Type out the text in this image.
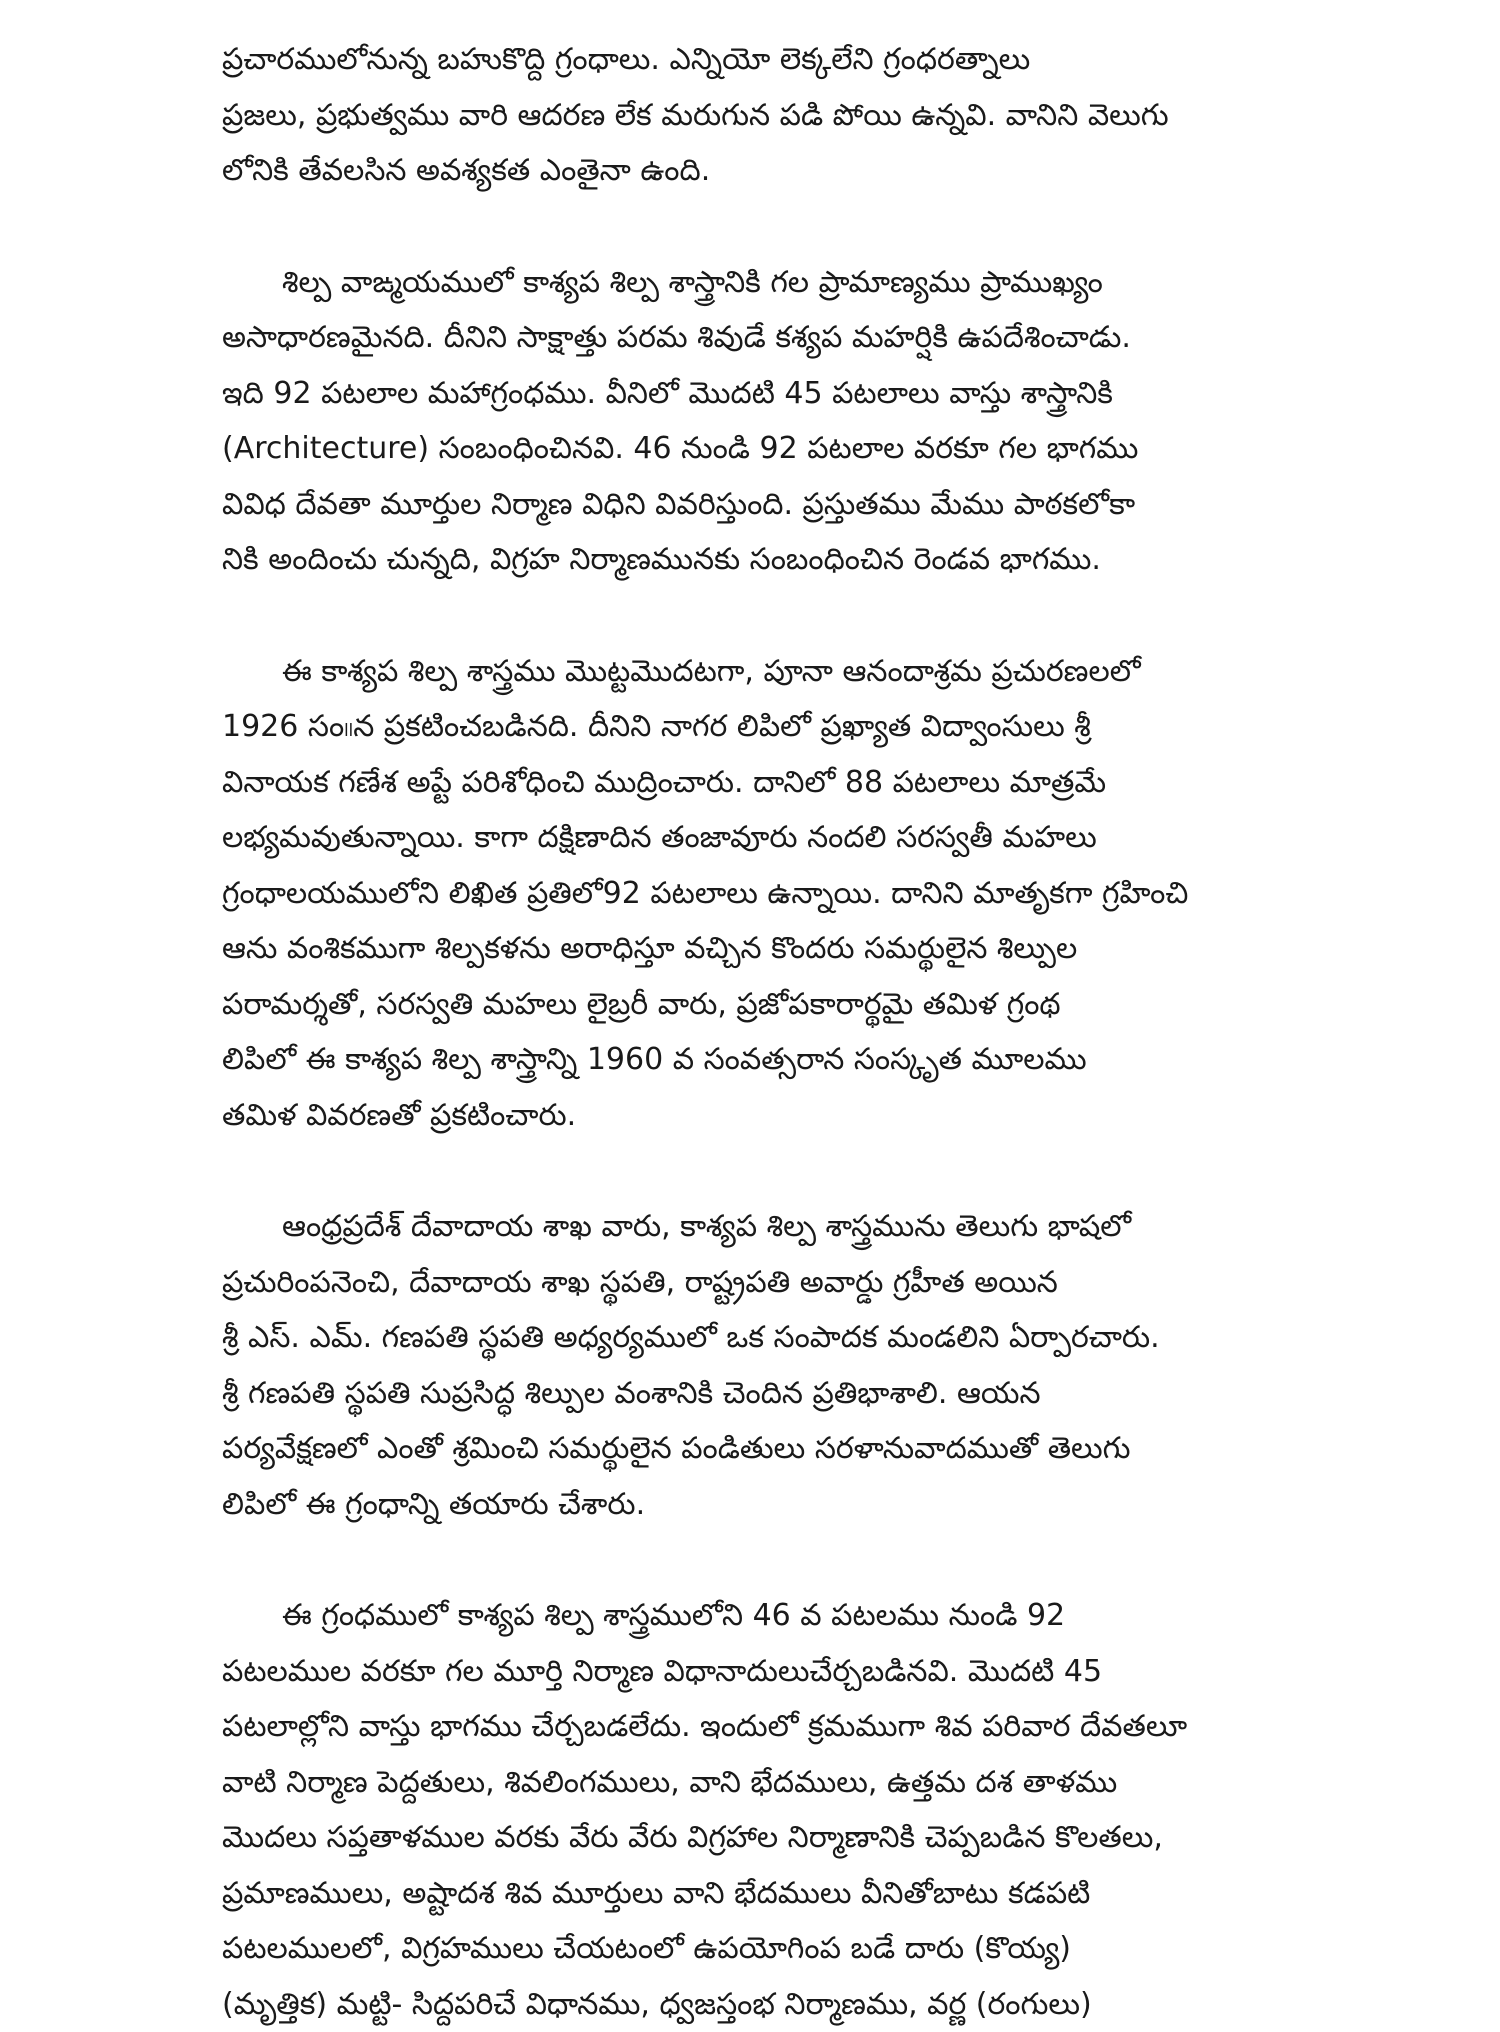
ప్రచారములోనున్న బహుకొద్ది గ్రంధాలు. ఎన్నియో లెక్కలేని గ్రంధరత్నాలు
ప్రజలు, ప్రభుత్వము వారి ఆదరణ లేక మరుగున పడి పోయి ఉన్నవి. వానిని వెలుగు
లోనికి తేవలసిన అవశ్యకత ఎంతైనా ఉంది.
శిల్ప వాఙ్మయములో కాశ్యప శిల్ప శాస్త్రానికి గల ప్రామాణ్యము ప్రాముఖ్యం
అసాధారణమైనది. దీనిని సాక్షాత్తు పరమ శివుడే కశ్యప మహర్షికి ఉపదేశించాడు.
ఇది 92 పటలాల మహాగ్రంధము. వీనిలో మొదటి 45 పటలాలు వాస్తు శాస్త్రానికి
(Architecture) సంబంధించినవి. 46 నుండి 92 పటలాల వరకూ గల భాగము
వివిధ దేవతా మూర్తుల నిర్మాణ విధిని వివరిస్తుంది. ప్రస్తుతము మేము పాఠకలోకా
నికి అందించు చున్నది, విగ్రహ నిర్మాణమునకు సంబంధించిన రెండవ భాగము.
ఈ కాశ్యప శిల్ప శాస్త్రము మొట్టమొదటగా, పూనా ఆనందాశ్రమ ప్రచురణలలో
1926 సం။న ప్రకటించబడినది. దీనిని నాగర లిపిలో ప్రఖ్యాత విద్వాంసులు శ్రీ
వినాయక గణేశ అప్టే పరిశోధించి ముద్రించారు. దానిలో 88 పటలాలు మాత్రమే
లభ్యమవుతున్నాయి. కాగా దక్షిణాదిన తంజావూరు నందలి సరస్వతీ మహలు
గ్రంధాలయములోని లిఖిత ప్రతిలో92 పటలాలు ఉన్నాయి. దానిని మాతృకగా గ్రహించి
ఆను వంశికముగా శిల్పకళను అరాధిస్తూ వచ్చిన కొందరు సమర్థులైన శిల్పుల
పరామర్శతో, సరస్వతి మహలు లైబ్రరీ వారు, ప్రజోపకారార్థమై తమిళ గ్రంథ
లిపిలో ఈ కాశ్యప శిల్ప శాస్త్రాన్ని 1960 వ సంవత్సరాన సంస్కృత మూలము
తమిళ వివరణతో ప్రకటించారు.
ఆంధ్రప్రదేశ్ దేవాదాయ శాఖ వారు, కాశ్యప శిల్ప శాస్త్రమును తెలుగు భాషలో
ప్రచురింపనెంచి, దేవాదాయ శాఖ స్థపతి, రాష్ట్రపతి అవార్డు గ్రహీత అయిన
శ్రీ ఎస్. ఎమ్. గణపతి స్థపతి అధ్యర్యములో ఒక సంపాదక మండలిని ఏర్పారచారు.
శ్రీ గణపతి స్థపతి సుప్రసిద్ధ శిల్పుల వంశానికి చెందిన ప్రతిభాశాలి. ఆయన
పర్యవేక్షణలో ఎంతో శ్రమించి సమర్థులైన పండితులు సరళానువాదముతో తెలుగు
లిపిలో ఈ గ్రంధాన్ని తయారు చేశారు.
ఈ గ్రంధములో కాశ్యప శిల్ప శాస్త్రములోని 46 వ పటలము నుండి 92
పటలముల వరకూ గల మూర్తి నిర్మాణ విధానాదులుచేర్చబడినవి. మొదటి 45
పటలాల్లోని వాస్తు భాగము చేర్చబడలేదు. ఇందులో క్రమముగా శివ పరివార దేవతలూ
వాటి నిర్మాణ పెద్దతులు, శివలింగములు, వాని భేదములు, ఉత్తమ దశ తాళము
మొదలు సప్తతాళముల వరకు వేరు వేరు విగ్రహాల నిర్మాణానికి చెప్పబడిన కొలతలు,
ప్రమాణములు, అష్టాదశ శివ మూర్తులు వాని భేదములు వీనితోబాటు కడపటి
పటలములలో, విగ్రహములు చేయటంలో ఉపయోగింప బడే దారు (కొయ్య)
(మృత్తిక) మట్టి- సిద్దపరిచే విధానము, ధ్వజస్తంభ నిర్మాణము, వర్ణ (రంగులు)
